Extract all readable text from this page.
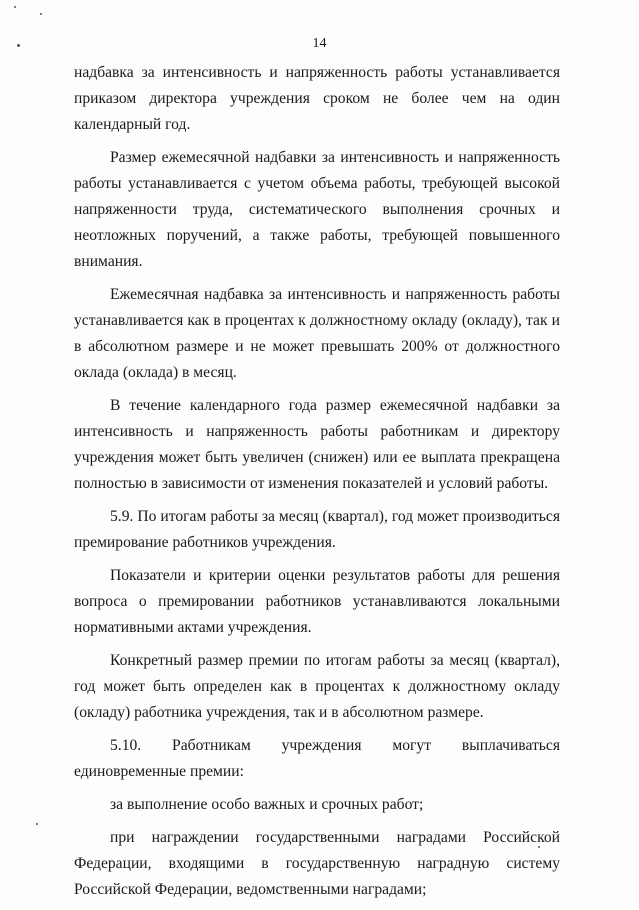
14

надбавка за интенсивность и напряженность работы устанавливается приказом директора учреждения сроком не более чем на один календарный год.

Размер ежемесячной надбавки за интенсивность и напряженность работы устанавливается с учетом объема работы, требующей высокой напряженности труда, систематического выполнения срочных и неотложных поручений, а также работы, требующей повышенного внимания.

Ежемесячная надбавка за интенсивность и напряженность работы устанавливается как в процентах к должностному окладу (окладу), так и в абсолютном размере и не может превышать 200% от должностного оклада (оклада) в месяц.

В течение календарного года размер ежемесячной надбавки за интенсивность и напряженность работы работникам и директору учреждения может быть увеличен (снижен) или ее выплата прекращена полностью в зависимости от изменения показателей и условий работы.

5.9. По итогам работы за месяц (квартал), год может производиться премирование работников учреждения.

Показатели и критерии оценки результатов работы для решения вопроса о премировании работников устанавливаются локальными нормативными актами учреждения.

Конкретный размер премии по итогам работы за месяц (квартал), год может быть определен как в процентах к должностному окладу (окладу) работника учреждения, так и в абсолютном размере.

5.10. Работникам учреждения могут выплачиваться единовременные премии:

за выполнение особо важных и срочных работ;

при награждении государственными наградами Российской Федерации, входящими в государственную наградную систему Российской Федерации, ведомственными наградами;
